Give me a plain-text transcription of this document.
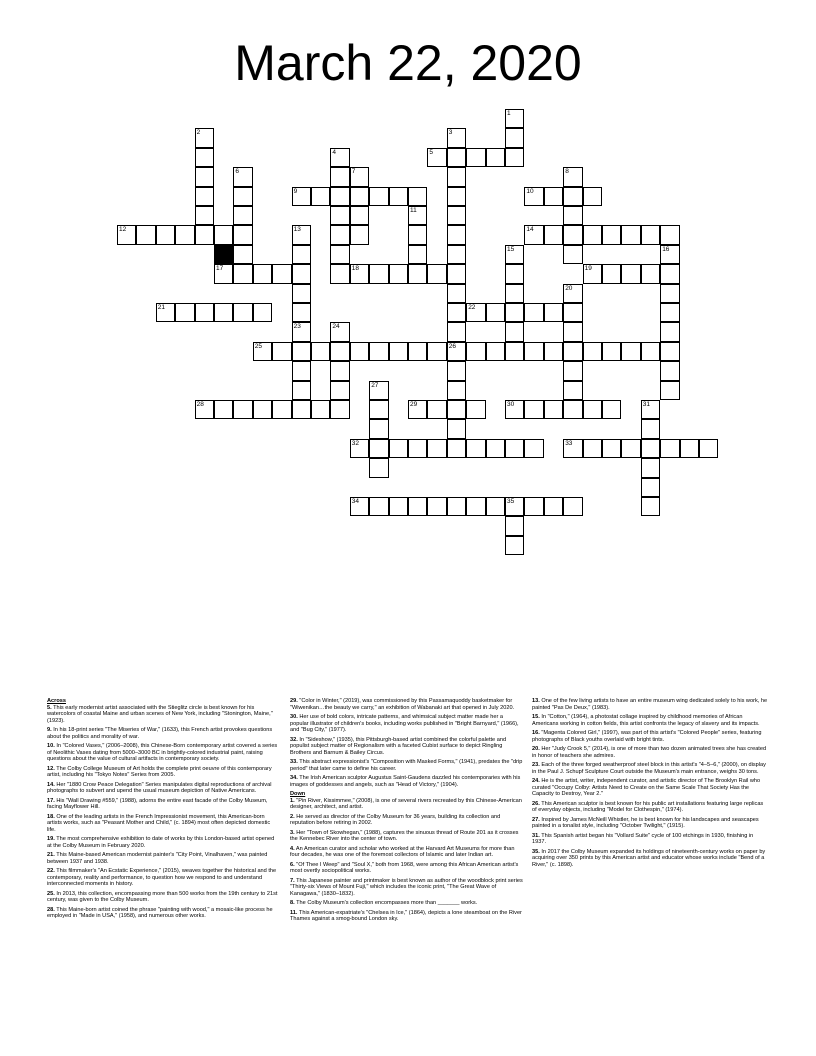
March 22, 2020
1
2	3
26
4	5
6	7	8
9	10
11
12	13
23
14
15	16
17	18	19
20
21	22
24
25
27
28	29	30	31
32	33
34	35
Across
5. This early modernist artist associated with the Stieglitz circle is best known for his watercolors of coastal Maine and urban scenes of New York, including "Stonington, Maine," (1923).
9. In his 18-print series "The Miseries of War," (1633), this French artist provokes questions about the politics and morality of war.
10. In "Colored Vases," (2006–2008), this Chinese-Born contemporary artist covered a series of Neolithic Vases dating from 5000–3000 BC in brightly-colored industrial paint, raising questions about the value of cultural artifacts in contemporary society.
12. The Colby College Museum of Art holds the complete print oeuvre of this contemporary artist, including his "Tokyo Notes" Series from 2005.
14. Her "1880 Crow Peace Delegation" Series manipulates digital reproductions of archival photographs to subvert and upend the usual museum depiction of Native Americans.
17. His "Wall Drawing #559," (1988), adorns the entire east facade of the Colby Museum, facing Mayflower Hill.
18. One of the leading artists in the French Impressionist movement, this American-born artists works, such as "Peasant Mother and Child," (c. 1894) most often depicted domestic life.
19. The most comprehensive exhibition to date of works by this London-based artist opened at the Colby Museum in February 2020.
21. This Maine-based American modernist painter's "City Point, Vinalhaven," was painted between 1937 and 1938.
22. This filmmaker's "An Ecstatic Experience," (2015), weaves together the historical and the contemporary, reality and performance, to question how we respond to and understand interconnected moments in history.
25. In 2013, this collection, encompassing more than 500 works from the 19th century to 21st century, was given to the Colby Museum.
28. This Maine-born artist coined the phrase "painting with wood," a mosaic-like process he employed in "Made in USA," (1958), and numerous other works.
29. "Color in Winter," (2019), was commissioned by this Passamaquoddy basketmaker for "Wiwenikan…the beauty we carry," an exhibition of Wabanaki art that opened in July 2020.
30. Her use of bold colors, intricate patterns, and whimsical subject matter made her a popular illustrator of children's books, including works published in "Bright Barnyard," (1966), and "Bug City," (1977).
32. In "Sideshow," (1935), this Pittsburgh-based artist combined the colorful palette and populist subject matter of Regionalism with a faceted Cubist surface to depict Ringling Brothers and Barnum & Bailey Circus.
33. This abstract expressionist's "Composition with Masked Forms," (1941), predates the "drip period" that later came to define his career.
34. The Irish American sculptor Augustus Saint-Gaudens dazzled his contemporaries with his images of goddesses and angels, such as "Head of Victory," (1904).
Down
1. "Pin River, Kissimmee," (2008), is one of several rivers recreated by this Chinese-American designer, architect, and artist.
2. He served as director of the Colby Museum for 36 years, building its collection and reputation before retiring in 2002.
3. Her "Town of Skowhegan," (1988), captures the sinuous thread of Route 201 as it crosses the Kennebec River into the center of town.
4. An American curator and scholar who worked at the Harvard Art Museums for more than four decades, he was one of the foremost collectors of Islamic and later Indian art.
6. "Of Thee I Weep" and "Soul X," both from 1968, were among this African American artist's most overtly sociopolitical works.
7. This Japanese painter and printmaker is best known as author of the woodblock print series "Thirty-six Views of Mount Fuji," which includes the iconic print, "The Great Wave of Kanagawa," (1830–1832).
8. The Colby Museum's collection encompasses more than _______ works.
11. This American-expatriate's "Chelsea in Ice," (1864), depicts a lone steamboat on the River Thames against a smog-bound London sky.
13. One of the few living artists to have an entire museum wing dedicated solely to his work, he painted "Pas De Deux," (1983).
15. In "Cotton," (1964), a photostat collage inspired by childhood memories of African Americans working in cotton fields, this artist confronts the legacy of slavery and its impacts.
16. "Magenta Colored Girl," (1997), was part of this artist's "Colored People" series, featuring photographs of Black youths overlaid with bright tints.
20. Her "Judy Crook 5," (2014), is one of more than two dozen animated trees she has created in honor of teachers she admires.
23. Each of the three forged weatherproof steel block in this artist's "4–5–6," (2000), on display in the Paul J. Schupf Sculpture Court outside the Museum's main entrance, weighs 30 tons.
24. He is the artist, writer, independent curator, and artistic director of The Brooklyn Rail who curated "Occupy Colby: Artists Need to Create on the Same Scale That Society Has the Capacity to Destroy, Year 2."
26. This American sculptor is best known for his public art installations featuring large replicas of everyday objects, including "Model for Clothespin," (1974).
27. Inspired by James McNeill Whistler, he is best known for his landscapes and seascapes painted in a tonalist style, including "October Twilight," (1915).
31. This Spanish artist began his "Vollard Suite" cycle of 100 etchings in 1930, finishing in 1937.
35. In 2017 the Colby Museum expanded its holdings of nineteenth-century works on paper by acquiring over 350 prints by this American artist and educator whose works include "Bend of a River," (c. 1898).
